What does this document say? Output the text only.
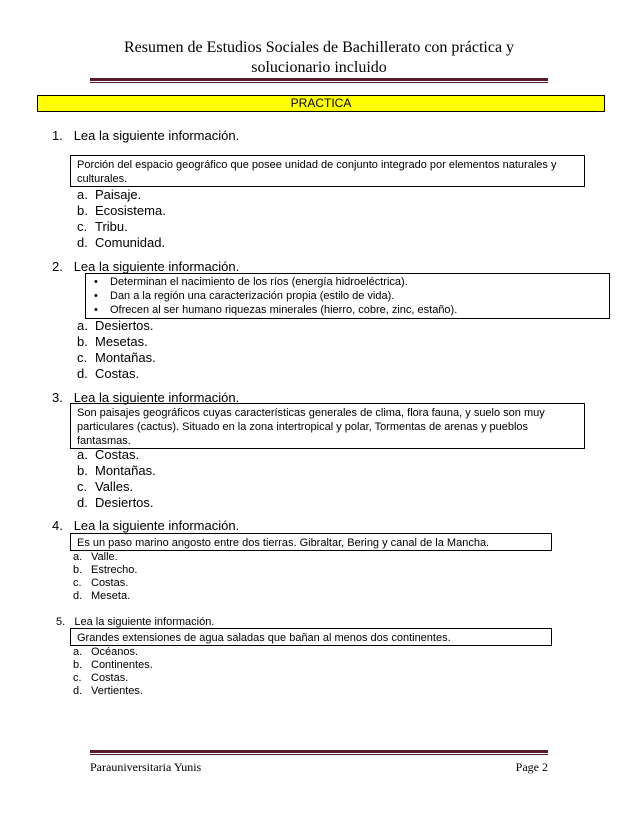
Resumen de Estudios Sociales de Bachillerato con práctica y
solucionario incluido
PRACTICA
1. Lea la siguiente información.
Porción del espacio geográfico que posee unidad de conjunto integrado por elementos naturales y
culturales.
a. Paisaje.
b. Ecosistema.
c. Tribu.
d. Comunidad.
2. Lea la siguiente información.
• Determinan el nacimiento de los ríos (energía hidroeléctrica).
• Dan a la región una caracterización propia (estilo de vida).
• Ofrecen al ser humano riquezas minerales (hierro, cobre, zinc, estaño).
a. Desiertos.
b. Mesetas.
c. Montañas.
d. Costas.
3. Lea la siguiente información.
Son paisajes geográficos cuyas características generales de clima, flora fauna, y suelo son muy
particulares (cactus). Situado en la zona intertropical y polar, Tormentas de arenas y pueblos
fantasmas.
a. Costas.
b. Montañas.
c. Valles.
d. Desiertos.
4. Lea la siguiente información.
Es un paso marino angosto entre dos tierras. Gibraltar, Bering y canal de la Mancha.
a. Valle.
b. Estrecho.
c. Costas.
d. Meseta.
5. Lea la siguiente información.
Grandes extensiones de agua saladas que bañan al menos dos continentes.
a. Océanos.
b. Continentes.
c. Costas.
d. Vertientes.
Parauniversitaria Yunis	Page 2
